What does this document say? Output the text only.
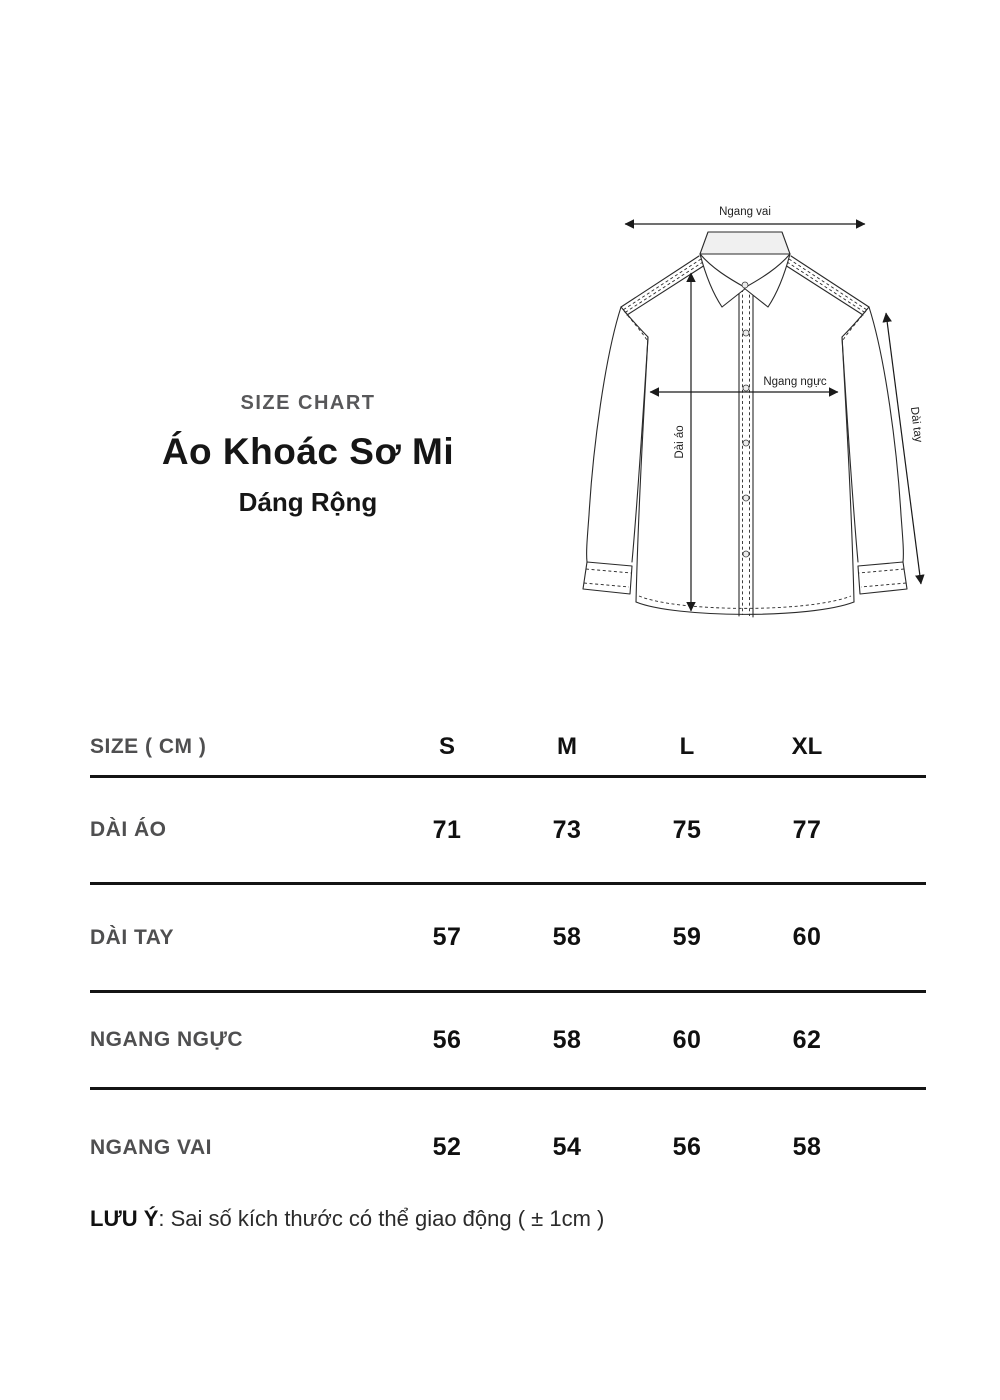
SIZE CHART

Áo Khoác Sơ Mi

Dáng Rộng

Ngang vai
Ngang ngực
Dài áo	Dài tay
SIZE ( CM )	S	M	L	XL
DÀI ÁO	71	73	75	77
DÀI TAY	57	58	59	60
NGANG NGỰC	56	58	60	62
NGANG VAI	52	54	56	58
LƯU Ý: Sai số kích thước có thể giao động ( ± 1cm )
